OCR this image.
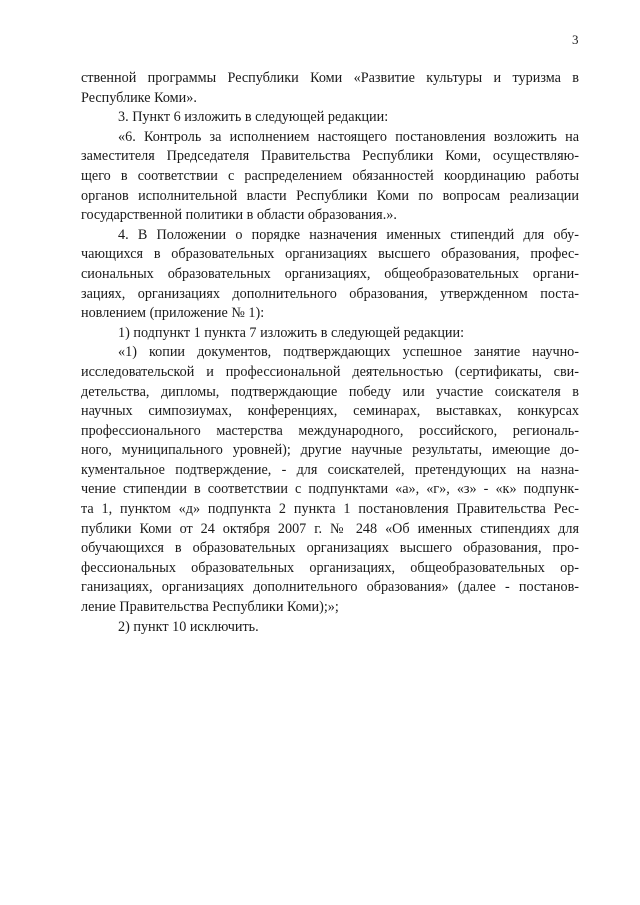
3
ственной программы Республики Коми «Развитие культуры и туризма в
Республике Коми».
3. Пункт 6 изложить в следующей редакции:
«6. Контроль за исполнением настоящего постановления возложить на
заместителя Председателя Правительства Республики Коми, осуществляю-
щего в соответствии с распределением обязанностей координацию работы
органов исполнительной власти Республики Коми по вопросам реализации
государственной политики в области образования.».
4. В Положении о порядке назначения именных стипендий для обу-
чающихся в образовательных организациях высшего образования, профес-
сиональных образовательных организациях, общеобразовательных органи-
зациях, организациях дополнительного образования, утвержденном поста-
новлением (приложение № 1):
1) подпункт 1 пункта 7 изложить в следующей редакции:
«1) копии документов, подтверждающих успешное занятие научно-
исследовательской и профессиональной деятельностью (сертификаты, сви-
детельства, дипломы, подтверждающие победу или участие соискателя в
научных симпозиумах, конференциях, семинарах, выставках, конкурсах
профессионального мастерства международного, российского, региональ-
ного, муниципального уровней); другие научные результаты, имеющие до-
кументальное подтверждение, - для соискателей, претендующих на назна-
чение стипендии в соответствии с подпунктами «а», «г», «з» - «к» подпунк-
та 1, пунктом «д» подпункта 2 пункта 1 постановления Правительства Рес-
публики Коми от 24 октября 2007 г. № 248 «Об именных стипендиях для
обучающихся в образовательных организациях высшего образования, про-
фессиональных образовательных организациях, общеобразовательных ор-
ганизациях, организациях дополнительного образования» (далее - постанов-
ление Правительства Республики Коми);»;
2) пункт 10 исключить.
